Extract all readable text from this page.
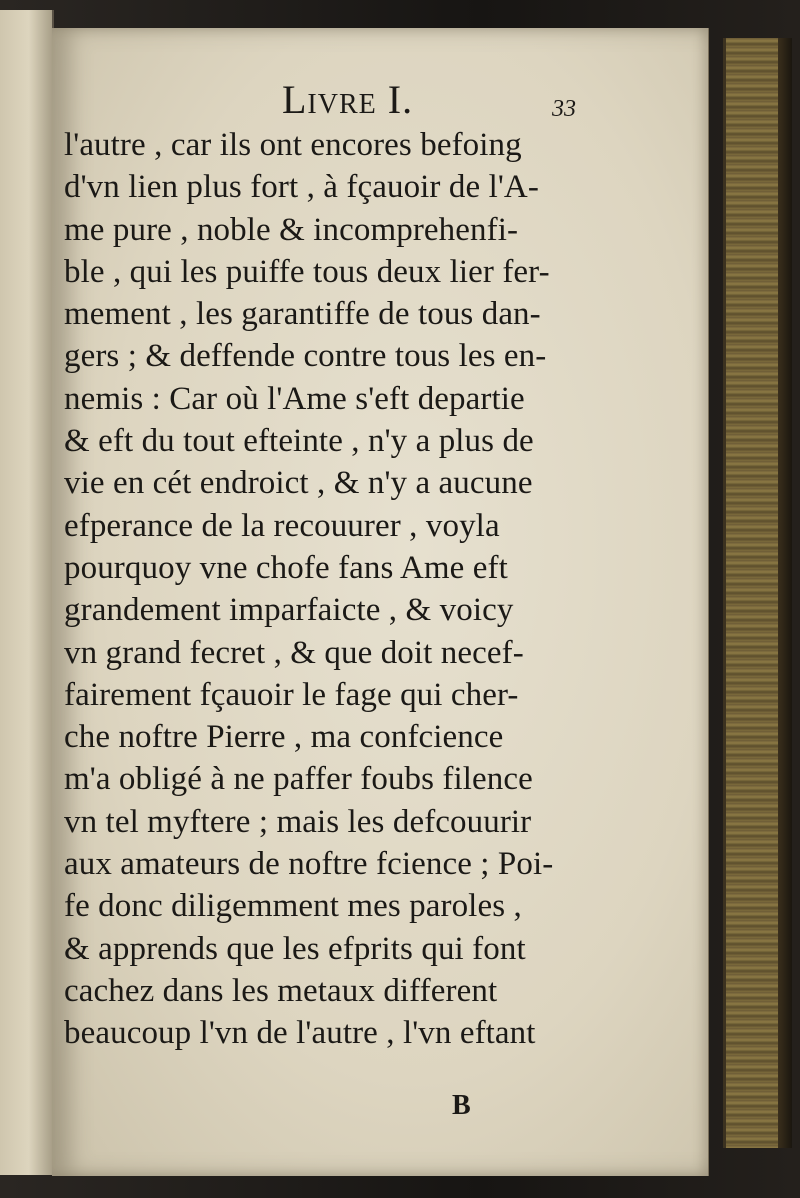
Livre I.	33
l'autre , car ils ont encores befoing
d'vn lien plus fort , à fçauoir de l'A-
me pure , noble & incomprehenfi-
ble , qui les puiffe tous deux lier fer-
mement , les garantiffe de tous dan-
gers ; & deffende contre tous les en-
nemis : Car où l'Ame s'eft departie
& eft du tout efteinte , n'y a plus de
vie en cét endroict , & n'y a aucune
efperance de la recouurer , voyla
pourquoy vne chofe fans Ame eft
grandement imparfaicte , & voicy
vn grand fecret , & que doit necef-
fairement fçauoir le fage qui cher-
che noftre Pierre , ma confcience
m'a obligé à ne paffer foubs filence
vn tel myftere ; mais les defcouurir
aux amateurs de noftre fcience ; Poi-
fe donc diligemment mes paroles ,
& apprends que les efprits qui font
cachez dans les metaux different
beaucoup l'vn de l'autre , l'vn eftant
B
